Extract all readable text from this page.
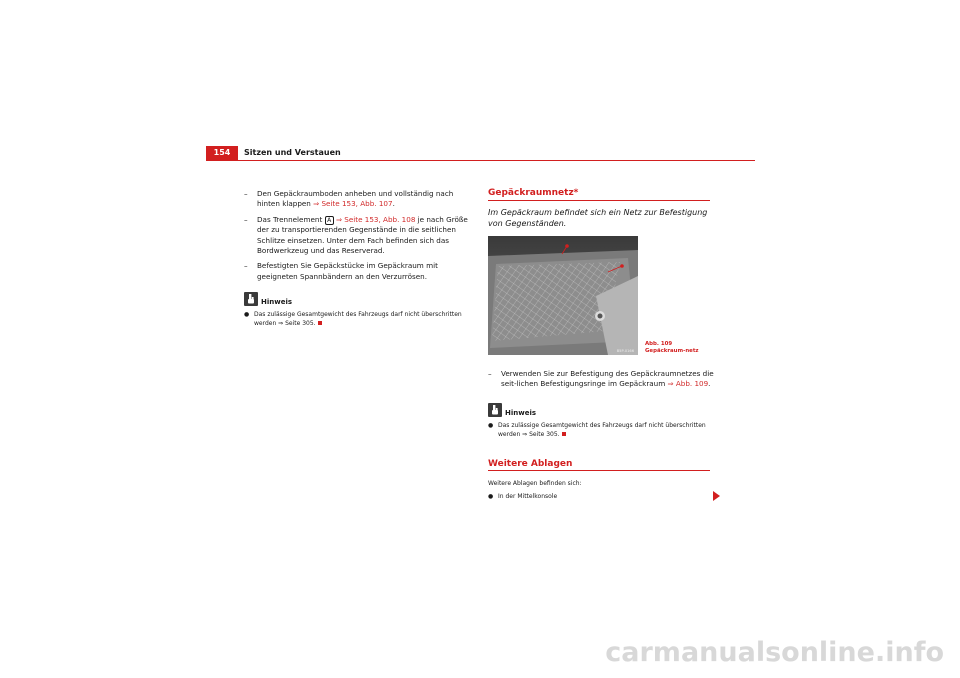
154	Sitzen und Verstauen
– Den Gepäckraumboden anheben und vollständig nach hinten klappen ⇒ Seite 153, Abb. 107.
– Das Trennelement A ⇒ Seite 153, Abb. 108 je nach Größe der zu transportierenden Gegenstände in die seitlichen Schlitze einsetzen. Unter dem Fach befinden sich das Bordwerkzeug und das Reserverad.
– Befestigten Sie Gepäckstücke im Gepäckraum mit geeigneten Spannbändern an den Verzurrösen.
Hinweis
● Das zulässige Gesamtgewicht des Fahrzeugs darf nicht überschritten werden ⇒ Seite 305.
Gepäckraumnetz*
Im Gepäckraum befindet sich ein Netz zur Befestigung von Gegenständen.
B5P-0166
Abb. 109 Gepäckraum-netz
– Verwenden Sie zur Befestigung des Gepäckraumnetzes die seit-lichen Befestigungsringe im Gepäckraum ⇒ Abb. 109.
Hinweis
● Das zulässige Gesamtgewicht des Fahrzeugs darf nicht überschritten werden ⇒ Seite 305.
Weitere Ablagen
Weitere Ablagen befinden sich:
● In der Mittelkonsole
carmanualsonline.info
